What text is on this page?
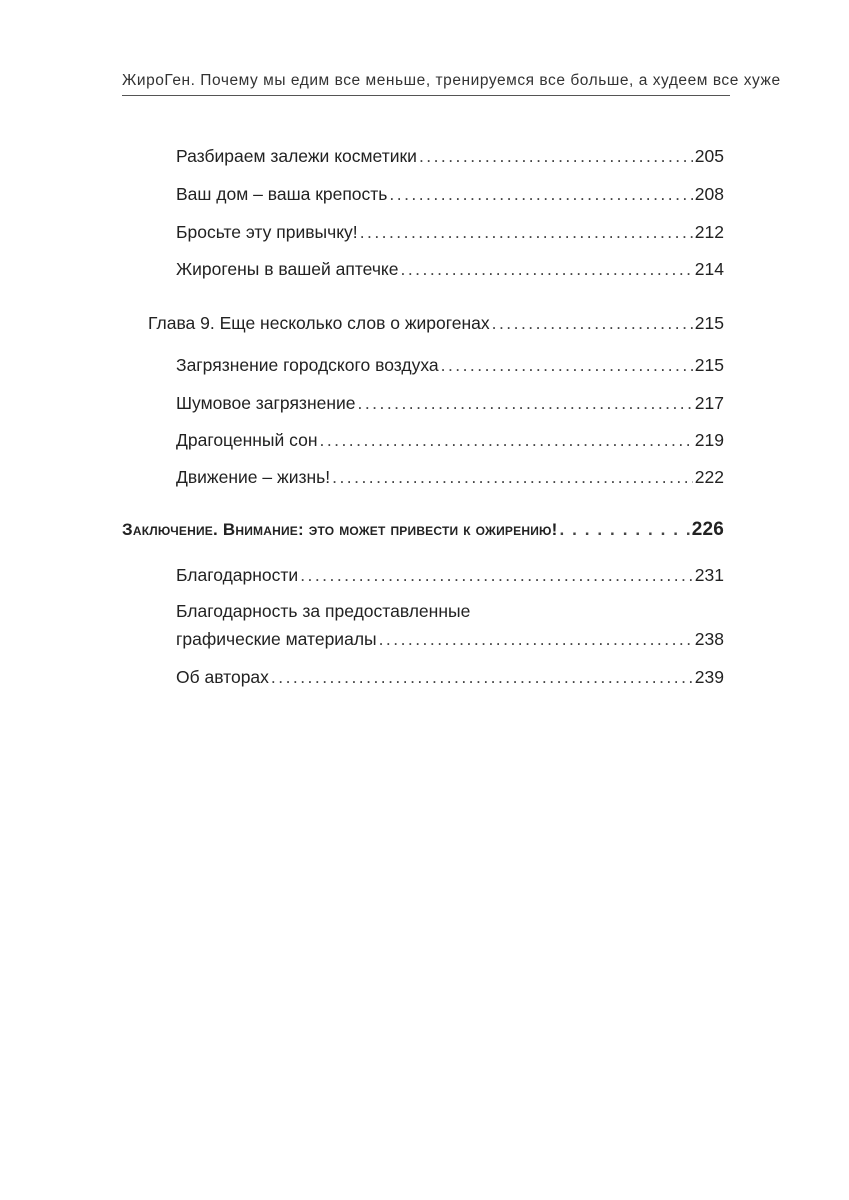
ЖироГен. Почему мы едим все меньше, тренируемся все больше, а худеем все хуже
Разбираем залежи косметики . . .	205
Ваш дом – ваша крепость . . .	208
Бросьте эту привычку! . . .	212
Жирогены в вашей аптечке . . .	214
Глава 9. Еще несколько слов о жирогенах . . .	215
Загрязнение городского воздуха . . .	215
Шумовое загрязнение . . .	217
Драгоценный сон . . .	219
Движение – жизнь! . . .	222
Заключение. Внимание: это может привести к ожирению! . .	226
Благодарности . . .	231
Благодарность за предоставленные
графические материалы . . .	238
Об авторах . . .	239
